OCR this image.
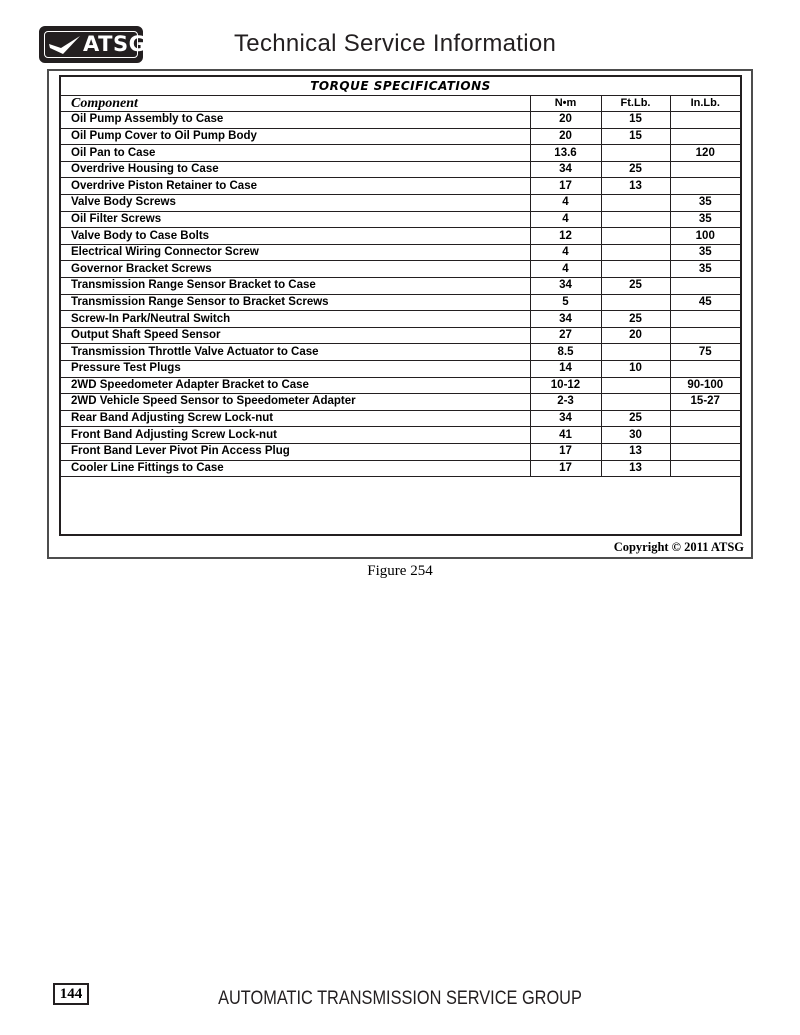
ATSG	Technical Service Information
TORQUE SPECIFICATIONS
Component	N•m	Ft.Lb.	In.Lb.
Oil Pump Assembly to Case	20	15	
Oil Pump Cover to Oil Pump Body	20	15	
Oil Pan to Case	13.6		120
Overdrive Housing to Case	34	25	
Overdrive Piston Retainer to Case	17	13	
Valve Body Screws	4		35
Oil Filter Screws	4		35
Valve Body to Case Bolts	12		100
Electrical Wiring Connector Screw	4		35
Governor Bracket Screws	4		35
Transmission Range Sensor Bracket to Case	34	25	
Transmission Range Sensor to Bracket Screws	5		45
Screw-In Park/Neutral Switch	34	25	
Output Shaft Speed Sensor	27	20	
Transmission Throttle Valve Actuator to Case	8.5		75
Pressure Test Plugs	14	10	
2WD Speedometer Adapter Bracket to Case	10-12		90-100
2WD Vehicle Speed Sensor to Speedometer Adapter	2-3		15-27
Rear Band Adjusting Screw Lock-nut	34	25	
Front Band Adjusting Screw Lock-nut	41	30	
Front Band Lever Pivot Pin Access Plug	17	13	
Cooler Line Fittings to Case	17	13	

Copyright © 2011 ATSG
Figure 254
144	AUTOMATIC TRANSMISSION SERVICE GROUP
